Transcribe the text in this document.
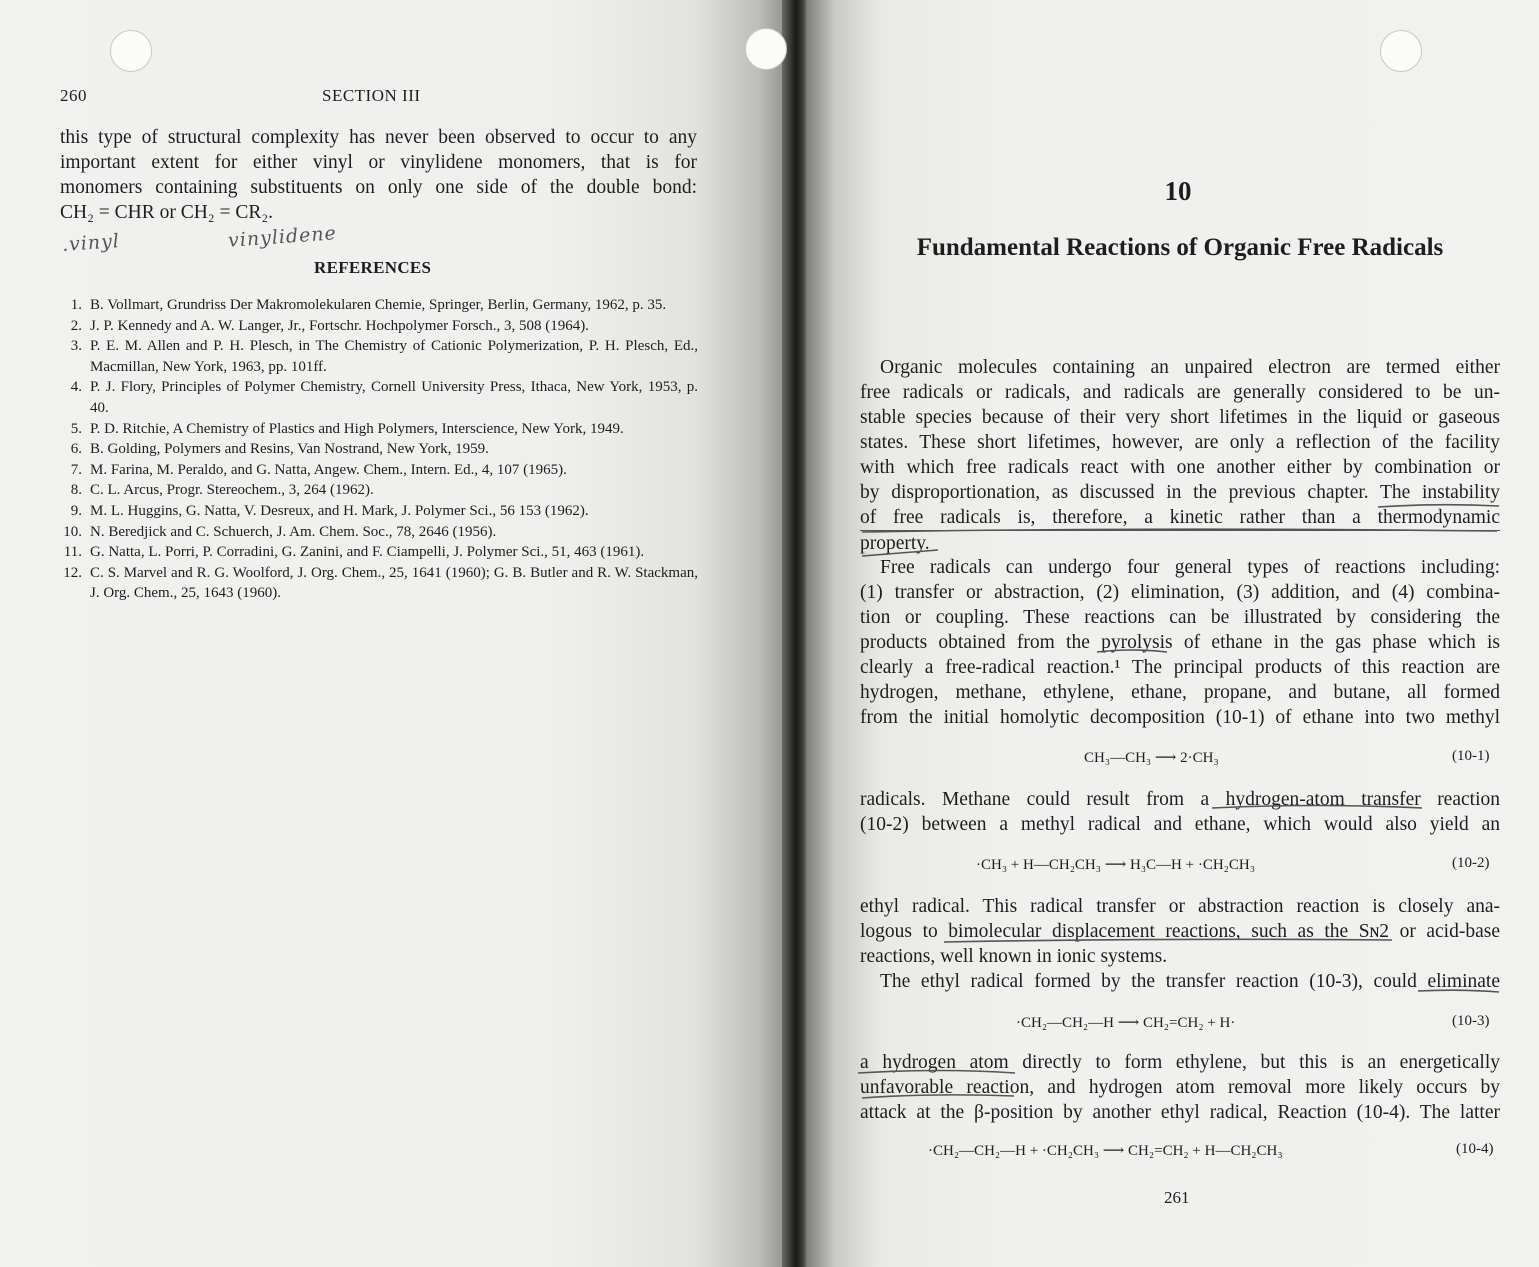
260	SECTION III
this type of structural complexity has never been observed to occur to any
important extent for either vinyl or vinylidene monomers, that is for
monomers containing substituents on only one side of the double bond:
CH₂ = CHR or CH₂ = CR₂.
.vinyl	vinylidene
REFERENCES
1. B. Vollmart, Grundriss Der Makromolekularen Chemie, Springer, Berlin, Germany, 1962, p. 35.
2. J. P. Kennedy and A. W. Langer, Jr., Fortschr. Hochpolymer Forsch., 3, 508 (1964).
3. P. E. M. Allen and P. H. Plesch, in The Chemistry of Cationic Polymerization, P. H. Plesch, Ed., Macmillan, New York, 1963, pp. 101ff.
4. P. J. Flory, Principles of Polymer Chemistry, Cornell University Press, Ithaca, New York, 1953, p. 40.
5. P. D. Ritchie, A Chemistry of Plastics and High Polymers, Interscience, New York, 1949.
6. B. Golding, Polymers and Resins, Van Nostrand, New York, 1959.
7. M. Farina, M. Peraldo, and G. Natta, Angew. Chem., Intern. Ed., 4, 107 (1965).
8. C. L. Arcus, Progr. Stereochem., 3, 264 (1962).
9. M. L. Huggins, G. Natta, V. Desreux, and H. Mark, J. Polymer Sci., 56 153 (1962).
10. N. Beredjick and C. Schuerch, J. Am. Chem. Soc., 78, 2646 (1956).
11. G. Natta, L. Porri, P. Corradini, G. Zanini, and F. Ciampelli, J. Polymer Sci., 51, 463 (1961).
12. C. S. Marvel and R. G. Woolford, J. Org. Chem., 25, 1641 (1960); G. B. Butler and R. W. Stackman, J. Org. Chem., 25, 1643 (1960).
10
Fundamental Reactions of Organic Free Radicals
Organic molecules containing an unpaired electron are termed either
free radicals or radicals, and radicals are generally considered to be un-
stable species because of their very short lifetimes in the liquid or gaseous
states. These short lifetimes, however, are only a reflection of the facility
with which free radicals react with one another either by combination or
by disproportionation, as discussed in the previous chapter. The instability
of free radicals is, therefore, a kinetic rather than a thermodynamic
property.
Free radicals can undergo four general types of reactions including:
(1) transfer or abstraction, (2) elimination, (3) addition, and (4) combina-
tion or coupling. These reactions can be illustrated by considering the
products obtained from the pyrolysis of ethane in the gas phase which is
clearly a free-radical reaction.¹ The principal products of this reaction are
hydrogen, methane, ethylene, ethane, propane, and butane, all formed
from the initial homolytic decomposition (10-1) of ethane into two methyl
CH₃—CH₃ ⟶ 2·CH₃	(10-1)
radicals. Methane could result from a hydrogen-atom transfer reaction
(10-2) between a methyl radical and ethane, which would also yield an
·CH₃ + H—CH₂CH₃ ⟶ H₃C—H + ·CH₂CH₃	(10-2)
ethyl radical. This radical transfer or abstraction reaction is closely ana-
logous to bimolecular displacement reactions, such as the Sɴ2 or acid-base
reactions, well known in ionic systems.
The ethyl radical formed by the transfer reaction (10-3), could eliminate
·CH₂—CH₂—H ⟶ CH₂=CH₂ + H·	(10-3)
a hydrogen atom directly to form ethylene, but this is an energetically
unfavorable reaction, and hydrogen atom removal more likely occurs by
attack at the β-position by another ethyl radical, Reaction (10-4). The latter
·CH₂—CH₂—H + ·CH₂CH₃ ⟶ CH₂=CH₂ + H—CH₂CH₃	(10-4)
261
